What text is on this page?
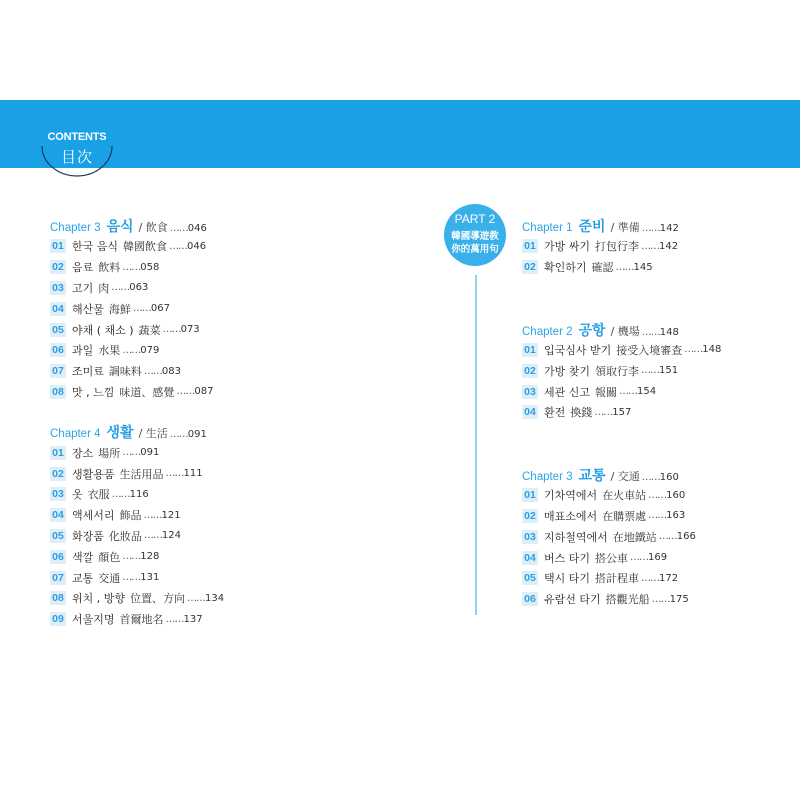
CONTENTS
目次
PART 2
韓國導遊教
你的萬用句
Chapter 3 음식 / 飲食 …… 046
01 한국 음식 韓國飲食 …… 046
02 음료 飲料 …… 058
03 고기 肉 …… 063
04 해산물 海鮮 …… 067
05 야채 ( 채소 ) 蔬菜 …… 073
06 과일 水果 …… 079
07 조미료 調味料 …… 083
08 맛 , 느낌 味道、感覺 …… 087
Chapter 4 생활 / 生活 …… 091
01 장소 場所 …… 091
02 생활용품 生活用品 …… 111
03 옷 衣服 …… 116
04 액세서리 飾品 …… 121
05 화장품 化妝品 …… 124
06 색깔 顏色 …… 128
07 교통 交通 …… 131
08 위치 , 방향 位置、方向 …… 134
09 서울지명 首爾地名 …… 137
Chapter 1 준비 / 準備 …… 142
01 가방 싸기 打包行李 …… 142
02 확인하기 確認 …… 145
Chapter 2 공항 / 機場 …… 148
01 입국심사 받기 接受入境審查 …… 148
02 가방 찾기 領取行李 …… 151
03 세관 신고 報關 …… 154
04 환전 換錢 …… 157
Chapter 3 교통 / 交通 …… 160
01 기차역에서 在火車站 …… 160
02 매표소에서 在購票處 …… 163
03 지하철역에서 在地鐵站 …… 166
04 버스 타기 搭公車 …… 169
05 택시 타기 搭計程車 …… 172
06 유람선 타기 搭觀光船 …… 175
